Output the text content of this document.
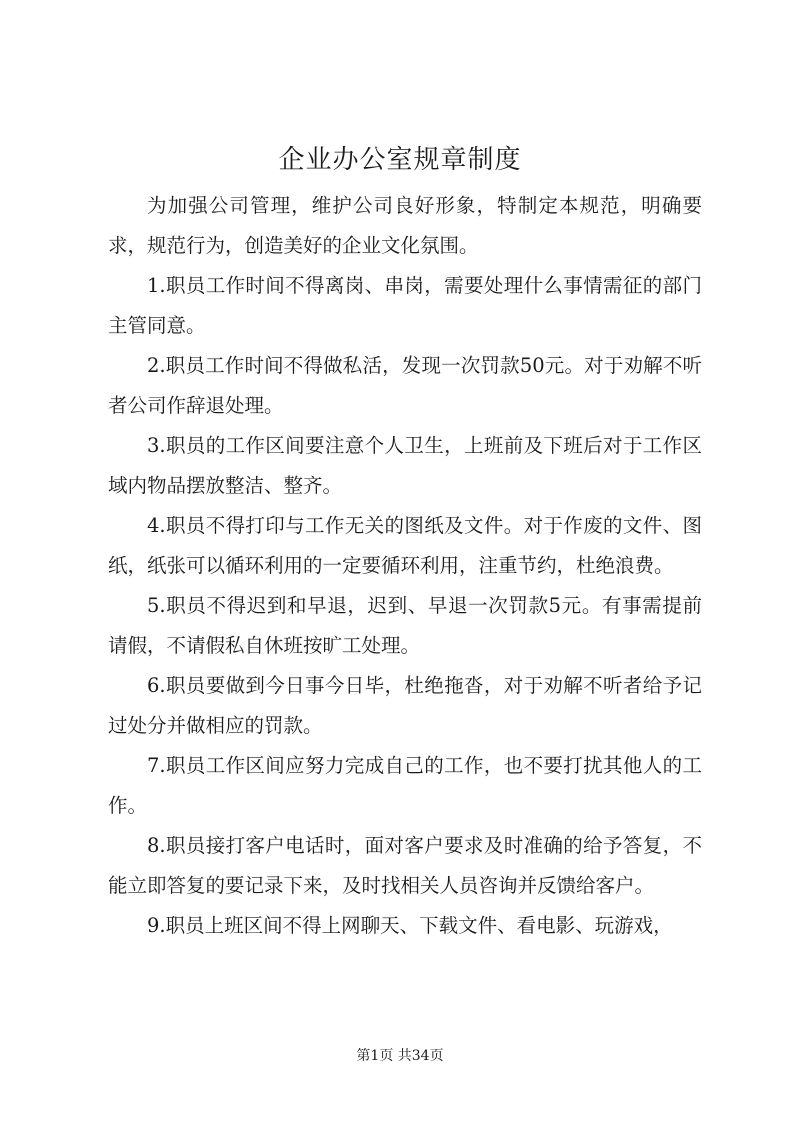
企业办公室规章制度

为加强公司管理，维护公司良好形象，特制定本规范，明确要求，规范行为，创造美好的企业文化氛围。

1.职员工作时间不得离岗、串岗，需要处理什么事情需征的部门主管同意。

2.职员工作时间不得做私活，发现一次罚款50元。对于劝解不听者公司作辞退处理。

3.职员的工作区间要注意个人卫生，上班前及下班后对于工作区域内物品摆放整洁、整齐。

4.职员不得打印与工作无关的图纸及文件。对于作废的文件、图纸，纸张可以循环利用的一定要循环利用，注重节约，杜绝浪费。

5.职员不得迟到和早退，迟到、早退一次罚款5元。有事需提前请假，不请假私自休班按旷工处理。

6.职员要做到今日事今日毕，杜绝拖沓，对于劝解不听者给予记过处分并做相应的罚款。

7.职员工作区间应努力完成自己的工作，也不要打扰其他人的工作。

8.职员接打客户电话时，面对客户要求及时准确的给予答复，不能立即答复的要记录下来，及时找相关人员咨询并反馈给客户。

9.职员上班区间不得上网聊天、下载文件、看电影、玩游戏，

第1页 共34页
